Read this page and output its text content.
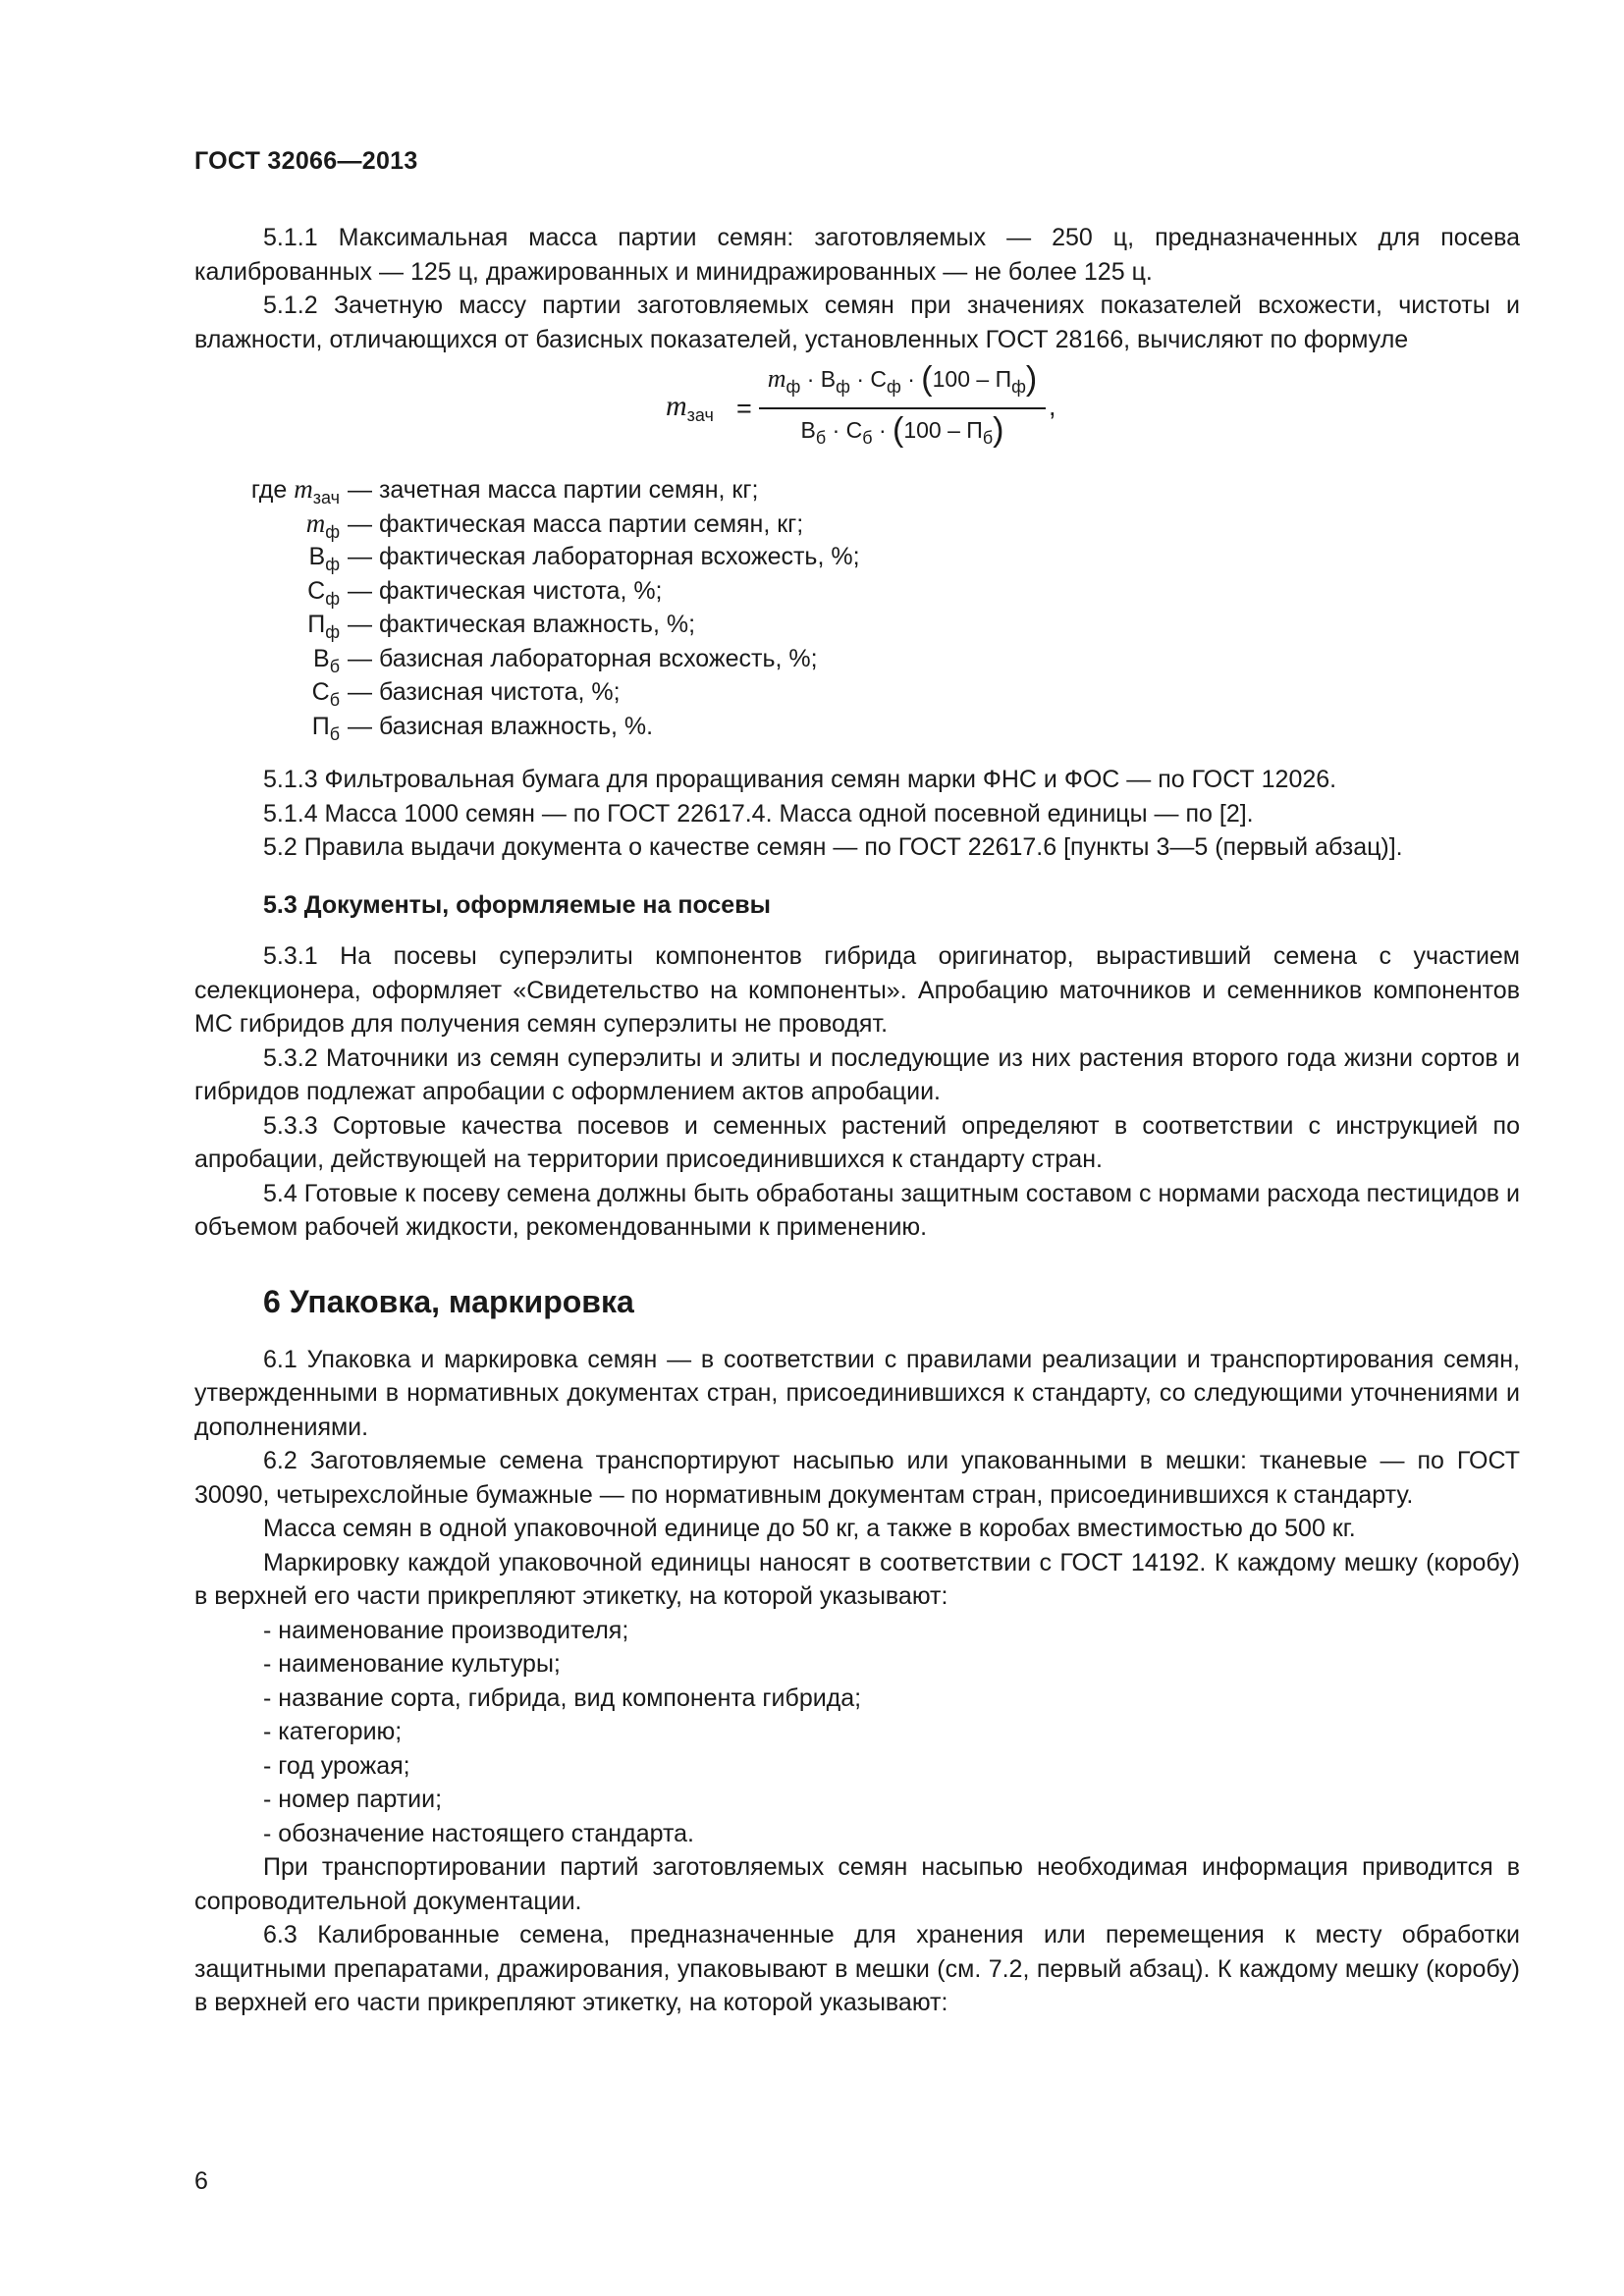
ГОСТ 32066—2013

5.1.1 Максимальная масса партии семян: заготовляемых — 250 ц, предназначенных для посева калиброванных — 125 ц, дражированных и минидражированных — не более 125 ц.

5.1.2 Зачетную массу партии заготовляемых семян при значениях показателей всхожести, чистоты и влажности, отличающихся от базисных показателей, установленных ГОСТ 28166, вычисляют по формуле

$m_{зач}$ =
$m_ф \cdot В_ф \cdot С_ф \cdot (100 - П_ф)$
$В_б \cdot С_б \cdot (100 - П_б)$
,
где $m_{зач}$ — зачетная масса партии семян, кг;
$m_ф$ — фактическая масса партии семян, кг;
$В_ф$ — фактическая лабораторная всхожесть, %;
$С_ф$ — фактическая чистота, %;
$П_ф$ — фактическая влажность, %;
$В_б$ — базисная лабораторная всхожесть, %;
$С_б$ — базисная чистота, %;
$П_б$ — базисная влажность, %.

5.1.3 Фильтровальная бумага для проращивания семян марки ФНС и ФОС — по ГОСТ 12026.

5.1.4 Масса 1000 семян — по ГОСТ 22617.4. Масса одной посевной единицы — по [2].

5.2 Правила выдачи документа о качестве семян — по ГОСТ 22617.6 [пункты 3—5 (первый абзац)].

5.3 Документы, оформляемые на посевы

5.3.1 На посевы суперэлиты компонентов гибрида оригинатор, вырастивший семена с участием селекционера, оформляет «Свидетельство на компоненты». Апробацию маточников и семенников компонентов МС гибридов для получения семян суперэлиты не проводят.

5.3.2 Маточники из семян суперэлиты и элиты и последующие из них растения второго года жизни сортов и гибридов подлежат апробации с оформлением актов апробации.

5.3.3 Сортовые качества посевов и семенных растений определяют в соответствии с инструкцией по апробации, действующей на территории присоединившихся к стандарту стран.

5.4 Готовые к посеву семена должны быть обработаны защитным составом с нормами расхода пестицидов и объемом рабочей жидкости, рекомендованными к применению.

6 Упаковка, маркировка

6.1 Упаковка и маркировка семян — в соответствии с правилами реализации и транспортирования семян, утвержденными в нормативных документах стран, присоединившихся к стандарту, со следующими уточнениями и дополнениями.

6.2 Заготовляемые семена транспортируют насыпью или упакованными в мешки: тканевые — по ГОСТ 30090, четырехслойные бумажные — по нормативным документам стран, присоединившихся к стандарту.

Масса семян в одной упаковочной единице до 50 кг, а также в коробах вместимостью до 500 кг.

Маркировку каждой упаковочной единицы наносят в соответствии с ГОСТ 14192. К каждому мешку (коробу) в верхней его части прикрепляют этикетку, на которой указывают:

- наименование производителя;

- наименование культуры;

- название сорта, гибрида, вид компонента гибрида;

- категорию;

- год урожая;

- номер партии;

- обозначение настоящего стандарта.

При транспортировании партий заготовляемых семян насыпью необходимая информация приводится в сопроводительной документации.

6.3 Калиброванные семена, предназначенные для хранения или перемещения к месту обработки защитными препаратами, дражирования, упаковывают в мешки (см. 7.2, первый абзац). К каждому мешку (коробу) в верхней его части прикрепляют этикетку, на которой указывают:

6
